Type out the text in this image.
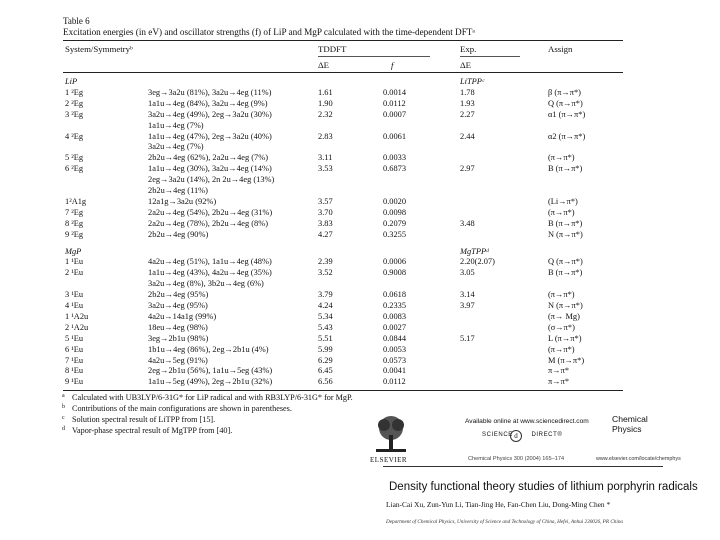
Table 6
Excitation energies (in eV) and oscillator strengths (f) of LiP and MgP calculated with the time-dependent DFTᵃ
System/Symmetryᵇ	TDDFT	Exp.	Assign
ΔE	f	ΔE
LiP	LiTPPᶜ
1 ²Eg	3eg→3a2u (81%), 3a2u→4eg (11%)	1.61	0.0014	1.78	β (π→π*)
2 ²Eg	1a1u→4eg (84%), 3a2u→4eg (9%)	1.90	0.0112	1.93	Q (π→π*)
3 ²Eg	3a2u→4eg (49%), 2eg→3a2u (30%)	2.32	0.0007	2.27	α1 (π→π*)
1a1u→4eg (7%)
4 ²Eg	1a1u→4eg (47%), 2eg→3a2u (40%)	2.83	0.0061	2.44	α2 (π→π*)
3a2u→4eg (7%)
5 ²Eg	2b2u→4eg (62%), 2a2u→4eg (7%)	3.11	0.0033	(π→π*)
6 ²Eg	1a1u→4eg (30%), 3a2u→4eg (14%)	3.53	0.6873	2.97	B (π→π*)
2eg→3a2u (14%), 2n 2u→4eg (13%)
2b2u→4eg (11%)
1²A1g	12a1g→3a2u (92%)	3.57	0.0020	(Li→π*)
7 ²Eg	2a2u→4eg (54%), 2b2u→4eg (31%)	3.70	0.0098	(π→π*)
8 ²Eg	2a2u→4eg (78%), 2b2u→4eg (8%)	3.83	0.2079	3.48	B (π→π*)
9 ²Eg	2b2u→4eg (90%)	4.27	0.3255	N (π→π*)
MgP	MgTPPᵈ
1 ¹Eu	4a2u→4eg (51%), 1a1u→4eg (48%)	2.39	0.0006	2.20(2.07)	Q (π→π*)
2 ¹Eu	1a1u→4eg (43%), 4a2u→4eg (35%)	3.52	0.9008	3.05	B (π→π*)
3a2u→4eg (8%), 3b2u→4eg (6%)
3 ¹Eu	2b2u→4eg (95%)	3.79	0.0618	3.14	(π→π*)
4 ¹Eu	3a2u→4eg (95%)	4.24	0.2335	3.97	N (π→π*)
1 ¹A2u	4a2u→14a1g (99%)	5.34	0.0083	(π→ Mg)
2 ¹A2u	18eu→4eg (98%)	5.43	0.0027	(σ→π*)
5 ¹Eu	3eg→2b1u (98%)	5.51	0.0844	5.17	L (π→π*)
6 ¹Eu	1b1u→4eg (86%), 2eg→2b1u (4%)	5.99	0.0053	(π→π*)
7 ¹Eu	4a2u→5eg (91%)	6.29	0.0573	M (π→π*)
8 ¹Eu	2eg→2b1u (56%), 1a1u→5eg (43%)	6.45	0.0041	π→π*
9 ¹Eu	1a1u→5eg (49%), 2eg→2b1u (32%)	6.56	0.0112	π→π*
a Calculated with UB3LYP/6-31G* for LiP radical and with RB3LYP/6-31G* for MgP.
b Contributions of the main configurations are shown in parentheses.
c Solution spectral result of LiTPP from [15].
d Vapor-phase spectral result of MgTPP from [40].
ELSEVIER
Available online at www.sciencedirect.com
SCIENCE	DIRECT®
d
Chemical Physics 300 (2004) 165–174
Chemical
Physics
www.elsevier.com/locate/chemphys
Density functional theory studies of lithium porphyrin radicals
Lian-Cai Xu, Zun-Yun Li, Tian-Jing He, Fan-Chen Liu, Dong-Ming Chen *
Department of Chemical Physics, University of Science and Technology of China, Hefei, Anhui 230026, PR China
